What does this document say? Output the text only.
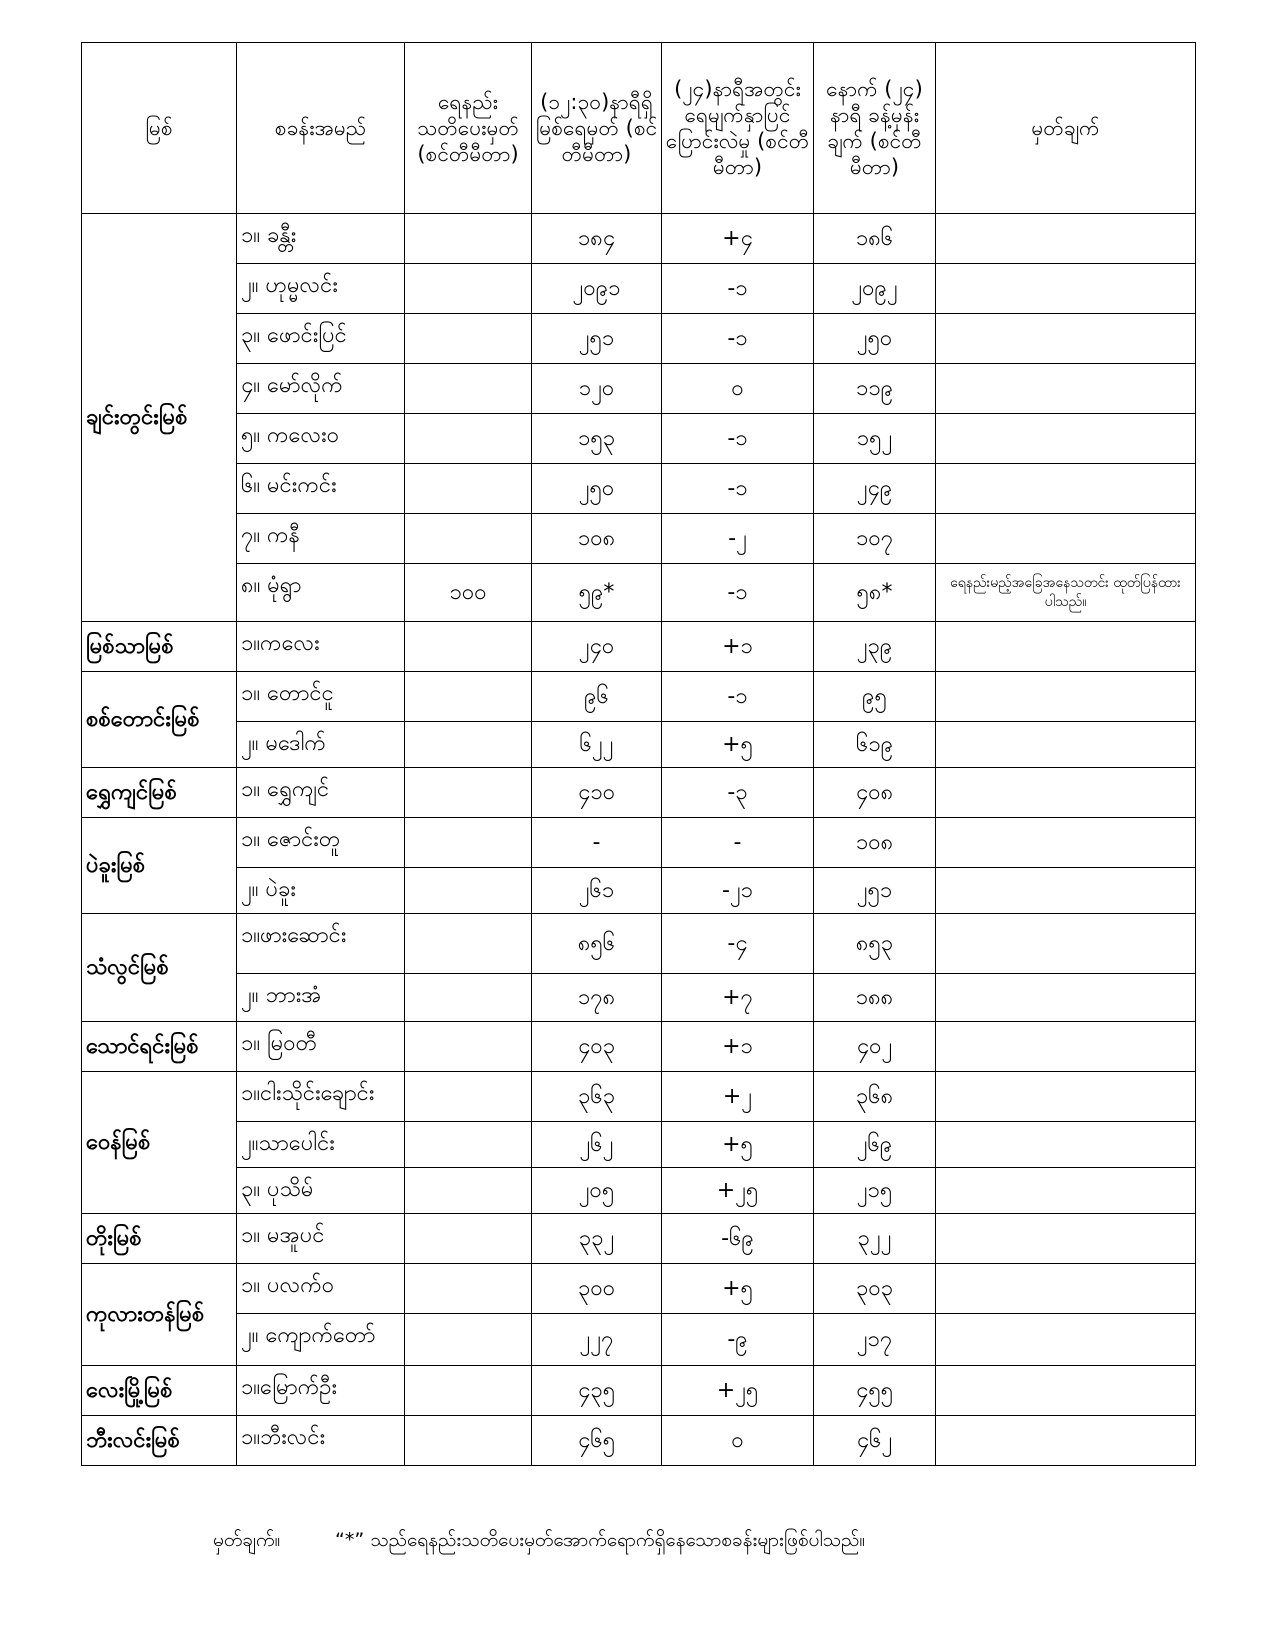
မြစ်	စခန်းအမည်	ရေနည်း သတိပေးမှတ် (စင်တီမီတာ)	(၁၂:၃၀)နာရီရှိ မြစ်ရေမှတ် (စင်တီမီတာ)	(၂၄)နာရီအတွင်း ရေမျက်နှာပြင် ပြောင်းလဲမှု (စင်တီမီတာ)	နောက် (၂၄) နာရီ ခန့်မှန်းချက် (စင်တီမီတာ)	မှတ်ချက်
ချင်းတွင်းမြစ်	၁။ ခန္တီး		၁၈၄	+၄	၁၈၆	
	၂။ ဟုမ္မလင်း		၂၀၉၁	-၁	၂၀၉၂	
	၃။ ဖောင်းပြင်		၂၅၁	-၁	၂၅၀	
	၄။ မော်လိုက်		၁၂၀	၀	၁၁၉	
	၅။ ကလေးဝ		၁၅၃	-၁	၁၅၂	
	၆။ မင်းကင်း		၂၅၀	-၁	၂၄၉	
	၇။ ကနီ		၁၀၈	-၂	၁၀၇	
	၈။ မုံရွာ	၁၀၀	၅၉*	-၁	၅၈*	ရေနည်းမည့်အခြေအနေသတင်း ထုတ်ပြန်ထားပါသည်။
မြစ်သာမြစ်	၁။ကလေး		၂၄၀	+၁	၂၃၉	
စစ်တောင်းမြစ်	၁။ တောင်ငူ		၉၆	-၁	၉၅	
	၂။ မဒေါက်		၆၂၂	+၅	၆၁၉	
ရွှေကျင်မြစ်	၁။ ရွှေကျင်		၄၁၀	-၃	၄၀၈	
ပဲခူးမြစ်	၁။ ဇောင်းတူ		-	-	၁၀၈	
	၂။ ပဲခူး		၂၆၁	-၂၁	၂၅၁	
သံလွင်မြစ်	၁။ဖားဆောင်း		၈၅၆	-၄	၈၅၃	
	၂။ ဘားအံ		၁၇၈	+၇	၁၈၈	
သောင်ရင်းမြစ်	၁။ မြဝတီ		၄၀၃	+၁	၄၀၂	
ဝေန်မြစ်	၁။ငါးသိုင်းချောင်း		၃၆၃	+၂	၃၆၈	
	၂။သာပေါင်း		၂၆၂	+၅	၂၆၉	
	၃။ ပုသိမ်		၂၀၅	+၂၅	၂၁၅	
တိုးမြစ်	၁။ မအူပင်		၃၃၂	-၆၉	၃၂၂	
ကုလားတန်မြစ်	၁။ ပလက်ဝ		၃၀၀	+၅	၃၀၃	
	၂။ ကျောက်တော်		၂၂၇	-၉	၂၁၇	
လေးမြို့မြစ်	၁။မြောက်ဦး		၄၃၅	+၂၅	၄၅၅	
ဘီးလင်းမြစ်	၁။ဘီးလင်း		၄၆၅	၀	၄၆၂	
မှတ်ချက်။	“*” သည်ရေနည်းသတိပေးမှတ်အောက်ရောက်ရှိနေသောစခန်းများဖြစ်ပါသည်။
